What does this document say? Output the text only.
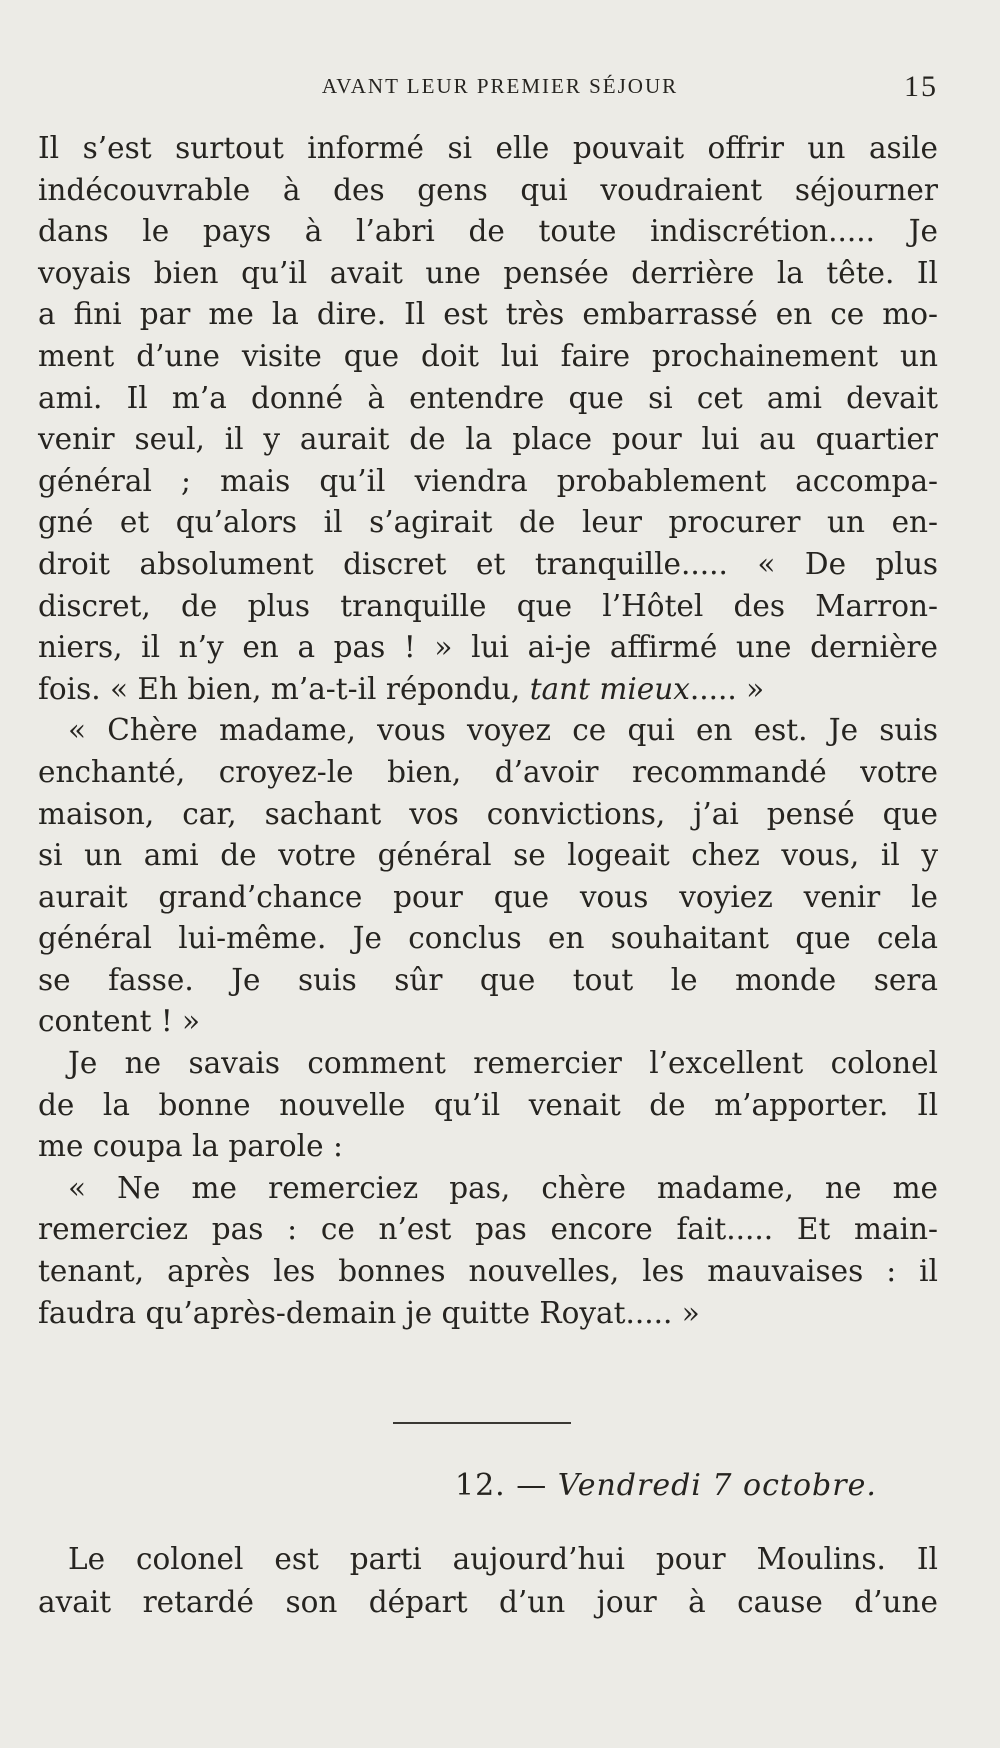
AVANT LEUR PREMIER SÉJOUR	15
Il s’est surtout informé si elle pouvait offrir un asile
indécouvrable à des gens qui voudraient séjourner
dans le pays à l’abri de toute indiscrétion..... Je
voyais bien qu’il avait une pensée derrière la tête. Il
a fini par me la dire. Il est très embarrassé en ce mo-
ment d’une visite que doit lui faire prochainement un
ami. Il m’a donné à entendre que si cet ami devait
venir seul, il y aurait de la place pour lui au quartier
général ; mais qu’il viendra probablement accompa-
gné et qu’alors il s’agirait de leur procurer un en-
droit absolument discret et tranquille..... « De plus
discret, de plus tranquille que l’Hôtel des Marron-
niers, il n’y en a pas ! » lui ai-je affirmé une dernière
fois. « Eh bien, m’a-t-il répondu, tant mieux..... »
« Chère madame, vous voyez ce qui en est. Je suis
enchanté, croyez-le bien, d’avoir recommandé votre
maison, car, sachant vos convictions, j’ai pensé que
si un ami de votre général se logeait chez vous, il y
aurait grand’chance pour que vous voyiez venir le
général lui-même. Je conclus en souhaitant que cela
se fasse. Je suis sûr que tout le monde sera
content ! »
Je ne savais comment remercier l’excellent colonel
de la bonne nouvelle qu’il venait de m’apporter. Il
me coupa la parole :
« Ne me remerciez pas, chère madame, ne me
remerciez pas : ce n’est pas encore fait..... Et main-
tenant, après les bonnes nouvelles, les mauvaises : il
faudra qu’après-demain je quitte Royat..... »
12. — Vendredi 7 octobre.
Le colonel est parti aujourd’hui pour Moulins. Il
avait retardé son départ d’un jour à cause d’une
